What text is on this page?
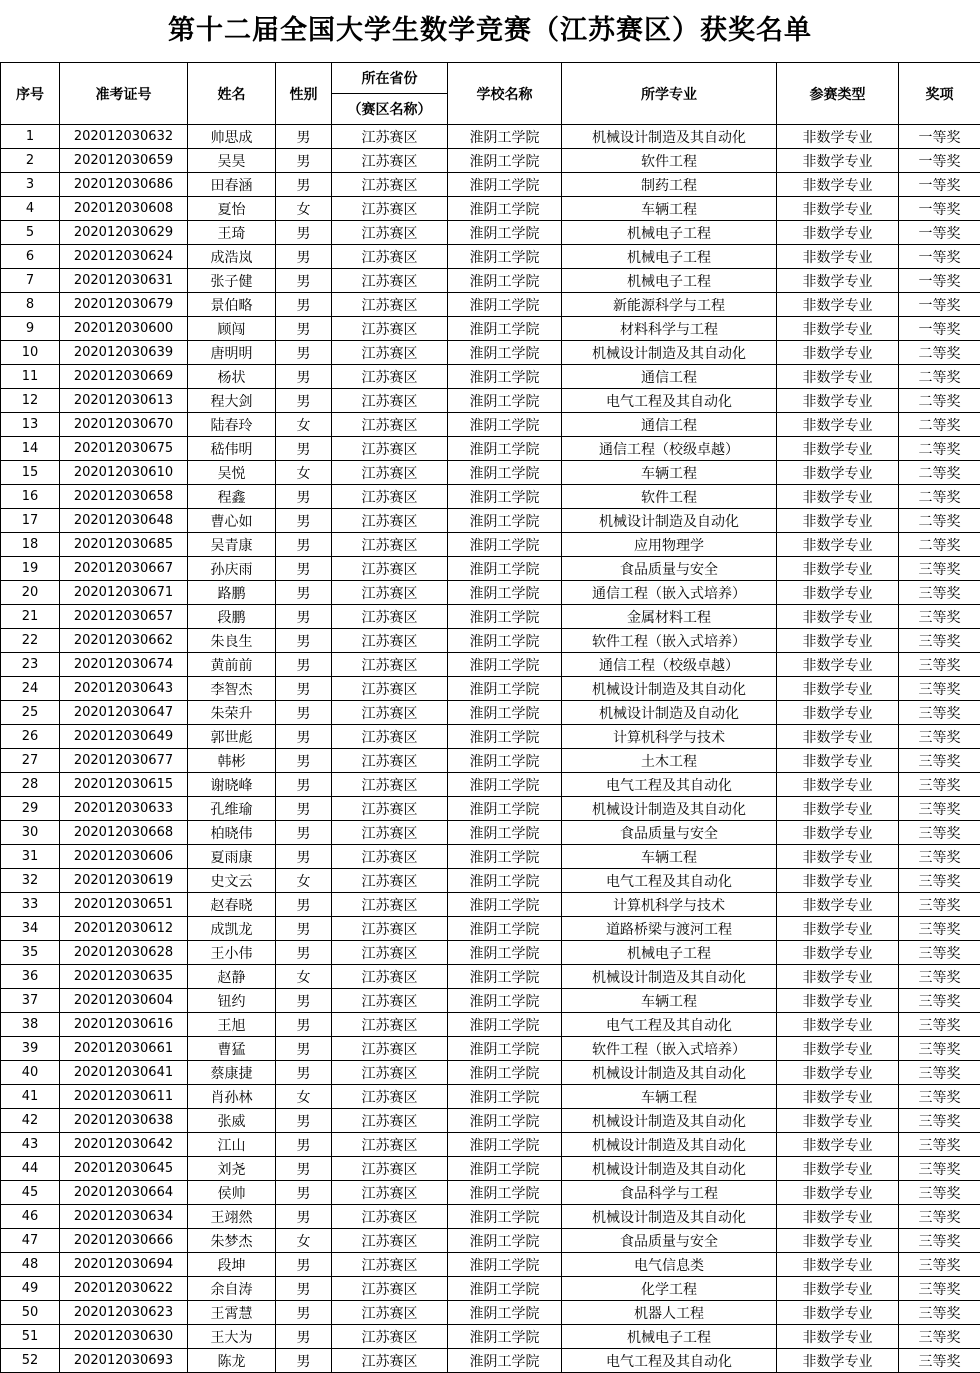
第十二届全国大学生数学竞赛（江苏赛区）获奖名单
序号	准考证号	姓名	性别	所在省份	学校名称	所学专业	参赛类型	奖项
				（赛区名称）				
1	202012030632	帅思成	男	江苏赛区	淮阴工学院	机械设计制造及其自动化	非数学专业	一等奖
2	202012030659	吴昊	男	江苏赛区	淮阴工学院	软件工程	非数学专业	一等奖
3	202012030686	田春涵	男	江苏赛区	淮阴工学院	制药工程	非数学专业	一等奖
4	202012030608	夏怡	女	江苏赛区	淮阴工学院	车辆工程	非数学专业	一等奖
5	202012030629	王琦	男	江苏赛区	淮阴工学院	机械电子工程	非数学专业	一等奖
6	202012030624	成浩岚	男	江苏赛区	淮阴工学院	机械电子工程	非数学专业	一等奖
7	202012030631	张子健	男	江苏赛区	淮阴工学院	机械电子工程	非数学专业	一等奖
8	202012030679	景伯略	男	江苏赛区	淮阴工学院	新能源科学与工程	非数学专业	一等奖
9	202012030600	顾闯	男	江苏赛区	淮阴工学院	材料科学与工程	非数学专业	一等奖
10	202012030639	唐明明	男	江苏赛区	淮阴工学院	机械设计制造及其自动化	非数学专业	二等奖
11	202012030669	杨状	男	江苏赛区	淮阴工学院	通信工程	非数学专业	二等奖
12	202012030613	程大剑	男	江苏赛区	淮阴工学院	电气工程及其自动化	非数学专业	二等奖
13	202012030670	陆春玲	女	江苏赛区	淮阴工学院	通信工程	非数学专业	二等奖
14	202012030675	嵇伟明	男	江苏赛区	淮阴工学院	通信工程（校级卓越）	非数学专业	二等奖
15	202012030610	吴悦	女	江苏赛区	淮阴工学院	车辆工程	非数学专业	二等奖
16	202012030658	程鑫	男	江苏赛区	淮阴工学院	软件工程	非数学专业	二等奖
17	202012030648	曹心如	男	江苏赛区	淮阴工学院	机械设计制造及自动化	非数学专业	二等奖
18	202012030685	吴青康	男	江苏赛区	淮阴工学院	应用物理学	非数学专业	二等奖
19	202012030667	孙庆雨	男	江苏赛区	淮阴工学院	食品质量与安全	非数学专业	三等奖
20	202012030671	路鹏	男	江苏赛区	淮阴工学院	通信工程（嵌入式培养）	非数学专业	三等奖
21	202012030657	段鹏	男	江苏赛区	淮阴工学院	金属材料工程	非数学专业	三等奖
22	202012030662	朱良生	男	江苏赛区	淮阴工学院	软件工程（嵌入式培养）	非数学专业	三等奖
23	202012030674	黄前前	男	江苏赛区	淮阴工学院	通信工程（校级卓越）	非数学专业	三等奖
24	202012030643	李智杰	男	江苏赛区	淮阴工学院	机械设计制造及其自动化	非数学专业	三等奖
25	202012030647	朱荣升	男	江苏赛区	淮阴工学院	机械设计制造及自动化	非数学专业	三等奖
26	202012030649	郭世彪	男	江苏赛区	淮阴工学院	计算机科学与技术	非数学专业	三等奖
27	202012030677	韩彬	男	江苏赛区	淮阴工学院	土木工程	非数学专业	三等奖
28	202012030615	谢晓峰	男	江苏赛区	淮阴工学院	电气工程及其自动化	非数学专业	三等奖
29	202012030633	孔维瑜	男	江苏赛区	淮阴工学院	机械设计制造及其自动化	非数学专业	三等奖
30	202012030668	柏晓伟	男	江苏赛区	淮阴工学院	食品质量与安全	非数学专业	三等奖
31	202012030606	夏雨康	男	江苏赛区	淮阴工学院	车辆工程	非数学专业	三等奖
32	202012030619	史文云	女	江苏赛区	淮阴工学院	电气工程及其自动化	非数学专业	三等奖
33	202012030651	赵春晓	男	江苏赛区	淮阴工学院	计算机科学与技术	非数学专业	三等奖
34	202012030612	成凯龙	男	江苏赛区	淮阴工学院	道路桥梁与渡河工程	非数学专业	三等奖
35	202012030628	王小伟	男	江苏赛区	淮阴工学院	机械电子工程	非数学专业	三等奖
36	202012030635	赵静	女	江苏赛区	淮阴工学院	机械设计制造及其自动化	非数学专业	三等奖
37	202012030604	钮约	男	江苏赛区	淮阴工学院	车辆工程	非数学专业	三等奖
38	202012030616	王旭	男	江苏赛区	淮阴工学院	电气工程及其自动化	非数学专业	三等奖
39	202012030661	曹猛	男	江苏赛区	淮阴工学院	软件工程（嵌入式培养）	非数学专业	三等奖
40	202012030641	蔡康捷	男	江苏赛区	淮阴工学院	机械设计制造及其自动化	非数学专业	三等奖
41	202012030611	肖孙林	女	江苏赛区	淮阴工学院	车辆工程	非数学专业	三等奖
42	202012030638	张威	男	江苏赛区	淮阴工学院	机械设计制造及其自动化	非数学专业	三等奖
43	202012030642	江山	男	江苏赛区	淮阴工学院	机械设计制造及其自动化	非数学专业	三等奖
44	202012030645	刘尧	男	江苏赛区	淮阴工学院	机械设计制造及其自动化	非数学专业	三等奖
45	202012030664	侯帅	男	江苏赛区	淮阴工学院	食品科学与工程	非数学专业	三等奖
46	202012030634	王翊然	男	江苏赛区	淮阴工学院	机械设计制造及其自动化	非数学专业	三等奖
47	202012030666	朱梦杰	女	江苏赛区	淮阴工学院	食品质量与安全	非数学专业	三等奖
48	202012030694	段坤	男	江苏赛区	淮阴工学院	电气信息类	非数学专业	三等奖
49	202012030622	余自涛	男	江苏赛区	淮阴工学院	化学工程	非数学专业	三等奖
50	202012030623	王霄慧	男	江苏赛区	淮阴工学院	机器人工程	非数学专业	三等奖
51	202012030630	王大为	男	江苏赛区	淮阴工学院	机械电子工程	非数学专业	三等奖
52	202012030693	陈龙	男	江苏赛区	淮阴工学院	电气工程及其自动化	非数学专业	三等奖
